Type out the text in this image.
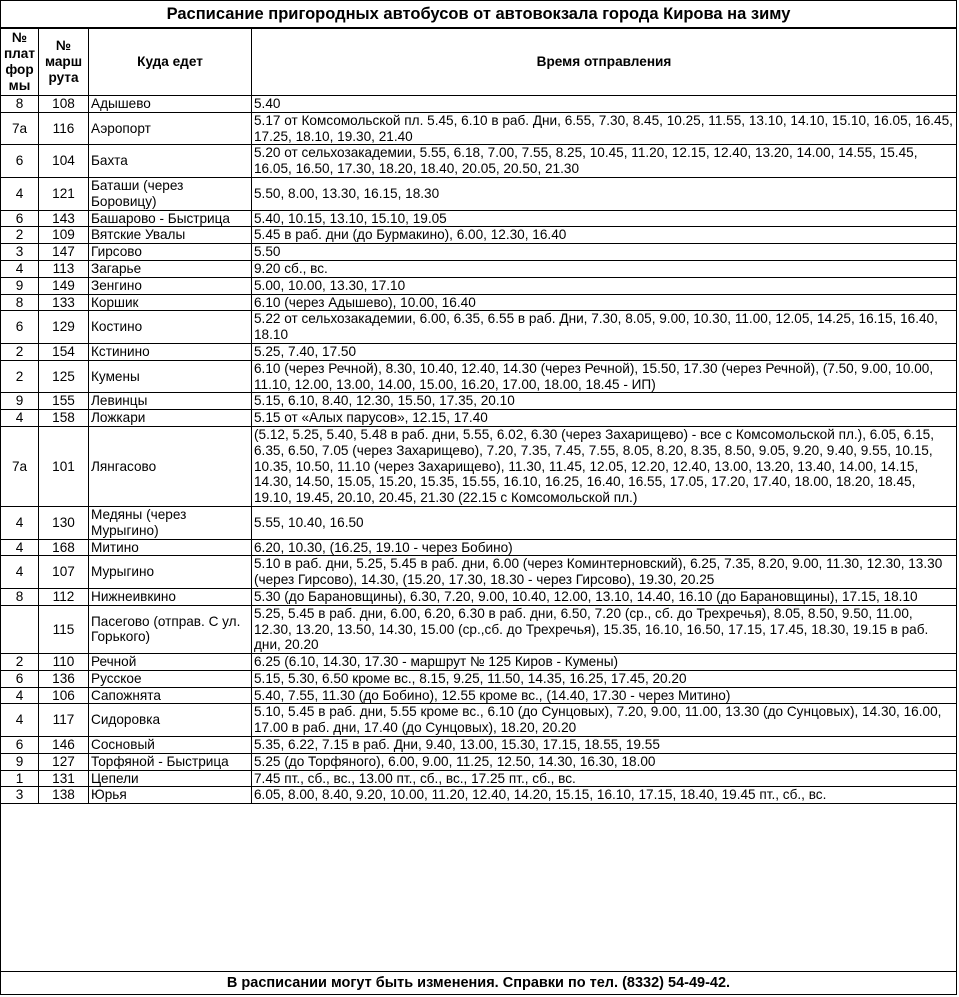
Расписание пригородных автобусов от автовокзала города Кирова на зиму
№ плат фор мы	№ марш рута	Куда едет	Время отправления
8	108	Адышево	5.40
7а	116	Аэропорт	5.17 от Комсомольской пл. 5.45, 6.10 в раб. Дни, 6.55, 7.30, 8.45, 10.25, 11.55, 13.10, 14.10, 15.10, 16.05, 16.45, 17.25, 18.10, 19.30, 21.40
6	104	Бахта	5.20 от сельхозакадемии, 5.55, 6.18, 7.00, 7.55, 8.25, 10.45, 11.20, 12.15, 12.40, 13.20, 14.00, 14.55, 15.45, 16.05, 16.50, 17.30, 18.20, 18.40, 20.05, 20.50, 21.30
4	121	Баташи (через Боровицу)	5.50, 8.00, 13.30, 16.15, 18.30
6	143	Башарово - Быстрица	5.40, 10.15, 13.10, 15.10, 19.05
2	109	Вятские Увалы	5.45 в раб. дни (до Бурмакино), 6.00, 12.30, 16.40
3	147	Гирсово	5.50
4	113	Загарье	9.20 сб., вс.
9	149	Зенгино	5.00, 10.00, 13.30, 17.10
8	133	Коршик	6.10 (через Адышево), 10.00, 16.40
6	129	Костино	5.22 от сельхозакадемии, 6.00, 6.35, 6.55 в раб. Дни, 7.30, 8.05, 9.00, 10.30, 11.00, 12.05, 14.25, 16.15, 16.40, 18.10
2	154	Кстинино	5.25, 7.40, 17.50
2	125	Кумены	6.10 (через Речной), 8.30, 10.40, 12.40, 14.30 (через Речной), 15.50, 17.30 (через Речной), (7.50, 9.00, 10.00, 11.10, 12.00, 13.00, 14.00, 15.00, 16.20, 17.00, 18.00, 18.45 - ИП)
9	155	Левинцы	5.15, 6.10, 8.40, 12.30, 15.50, 17.35, 20.10
4	158	Ложкари	5.15 от «Алых парусов», 12.15, 17.40
7а	101	Лянгасово	(5.12, 5.25, 5.40, 5.48 в раб. дни, 5.55, 6.02, 6.30 (через Захарищево) - все с Комсомольской пл.), 6.05, 6.15, 6.35, 6.50, 7.05 (через Захарищево), 7.20, 7.35, 7.45, 7.55, 8.05, 8.20, 8.35, 8.50, 9.05, 9.20, 9.40, 9.55, 10.15, 10.35, 10.50, 11.10 (через Захарищево), 11.30, 11.45, 12.05, 12.20, 12.40, 13.00, 13.20, 13.40, 14.00, 14.15, 14.30, 14.50, 15.05, 15.20, 15.35, 15.55, 16.10, 16.25, 16.40, 16.55, 17.05, 17.20, 17.40, 18.00, 18.20, 18.45, 19.10, 19.45, 20.10, 20.45, 21.30 (22.15 с Комсомольской пл.)
4	130	Медяны (через Мурыгино)	5.55, 10.40, 16.50
4	168	Митино	6.20, 10.30, (16.25, 19.10 - через Бобино)
4	107	Мурыгино	5.10 в раб. дни, 5.25, 5.45 в раб. дни, 6.00 (через Коминтерновский), 6.25, 7.35, 8.20, 9.00, 11.30, 12.30, 13.30 (через Гирсово), 14.30, (15.20, 17.30, 18.30 - через Гирсово), 19.30, 20.25
8	112	Нижнеивкино	5.30 (до Барановщины), 6.30, 7.20, 9.00, 10.40, 12.00, 13.10, 14.40, 16.10 (до Барановщины), 17.15, 18.10
	115	Пасегово (отправ. С ул. Горького)	5.25, 5.45 в раб. дни, 6.00, 6.20, 6.30 в раб. дни, 6.50, 7.20 (ср., сб. до Трехречья), 8.05, 8.50, 9.50, 11.00, 12.30, 13.20, 13.50, 14.30, 15.00 (ср.,сб. до Трехречья), 15.35, 16.10, 16.50, 17.15, 17.45, 18.30, 19.15 в раб. дни, 20.20
2	110	Речной	6.25 (6.10, 14.30, 17.30 - маршрут № 125 Киров - Кумены)
6	136	Русское	5.15, 5.30, 6.50 кроме вс., 8.15, 9.25, 11.50, 14.35, 16.25, 17.45, 20.20
4	106	Сапожнята	5.40, 7.55, 11.30 (до Бобино), 12.55 кроме вс., (14.40, 17.30 - через Митино)
4	117	Сидоровка	5.10, 5.45 в раб. дни, 5.55 кроме вс., 6.10 (до Сунцовых), 7.20, 9.00, 11.00, 13.30 (до Сунцовых), 14.30, 16.00, 17.00 в раб. дни, 17.40 (до Сунцовых), 18.20, 20.20
6	146	Сосновый	5.35, 6.22, 7.15 в раб. Дни, 9.40, 13.00, 15.30, 17.15, 18.55, 19.55
9	127	Торфяной - Быстрица	5.25 (до Торфяного), 6.00, 9.00, 11.25, 12.50, 14.30, 16.30, 18.00
1	131	Цепели	7.45 пт., сб., вс., 13.00 пт., сб., вс., 17.25 пт., сб., вс.
3	138	Юрья	6.05, 8.00, 8.40, 9.20, 10.00, 11.20, 12.40, 14.20, 15.15, 16.10, 17.15, 18.40, 19.45 пт., сб., вс.
В расписании могут быть изменения. Справки по тел. (8332) 54-49-42.
